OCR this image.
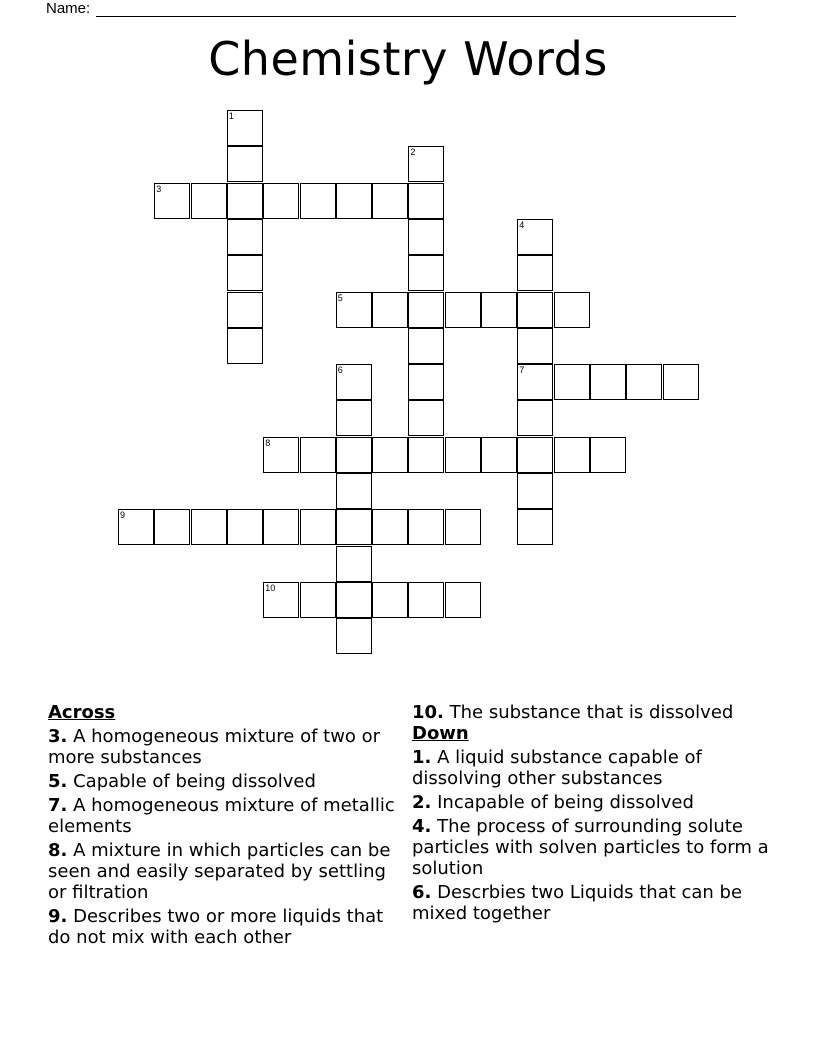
Name:
Chemistry Words
1
2
3
4
7
5
6
8
9
10
Across
3. A homogeneous mixture of two or more substances
5. Capable of being dissolved
7. A homogeneous mixture of metallic elements
8. A mixture in which particles can be seen and easily separated by settling or filtration
9. Describes two or more liquids that do not mix with each other
10. The substance that is dissolved
Down
1. A liquid substance capable of dissolving other substances
2. Incapable of being dissolved
4. The process of surrounding solute particles with solven particles to form a solution
6. Descrbies two Liquids that can be mixed together
